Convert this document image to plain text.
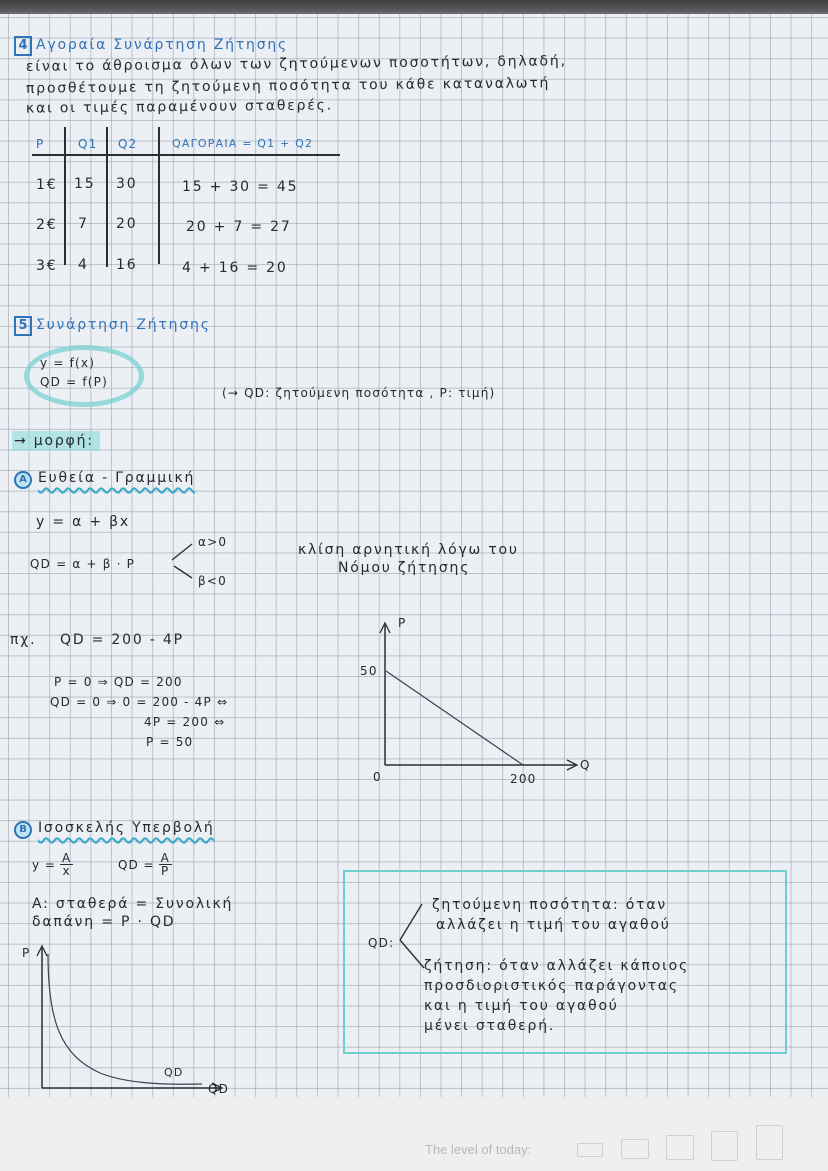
4 Αγοραία Συνάρτηση Ζήτησης
είναι το άθροισμα όλων των ζητούμενων ποσοτήτων, δηλαδή,
προσθέτουμε τη ζητούμενη ποσότητα του κάθε καταναλωτή
και οι τιμές παραμένουν σταθερές.
P	Q1 Q2	QΑΓΟΡΑΙΑ = Q1 + Q2
1€ 15 30	15 + 30 = 45
2€ 7 20	20 + 7 = 27
3€ 4 16	4 + 16 = 20
5 Συνάρτηση Ζήτησης
y = f(x)
QD = f(P)
(→ QD: ζητούμενη ποσότητα , P: τιμή)
→ μορφή:
A Ευθεία - Γραμμική
y = α + βx
QD = α + β · P
α>0
β<0
κλίση αρνητική λόγω του
Νόμου ζήτησης
πχ. QD = 200 - 4P
P = 0 ⇒ QD = 200
QD = 0 ⇒ 0 = 200 - 4P ⇔
4P = 200 ⇔
P = 50
P
50
0	200
Q
B Ισοσκελής Υπερβολή
$y = \frac{A}{x}$	QD = $\frac{A}{P}$
A: σταθερά = Συνολική
δαπάνη = P · QD
P
QD
QD
QD:
ζητούμενη ποσότητα: όταν
αλλάζει η τιμή του αγαθού
ζήτηση: όταν αλλάζει κάποιος
προσδιοριστικός παράγοντας
και η τιμή του αγαθού
μένει σταθερή.
The level of today:
